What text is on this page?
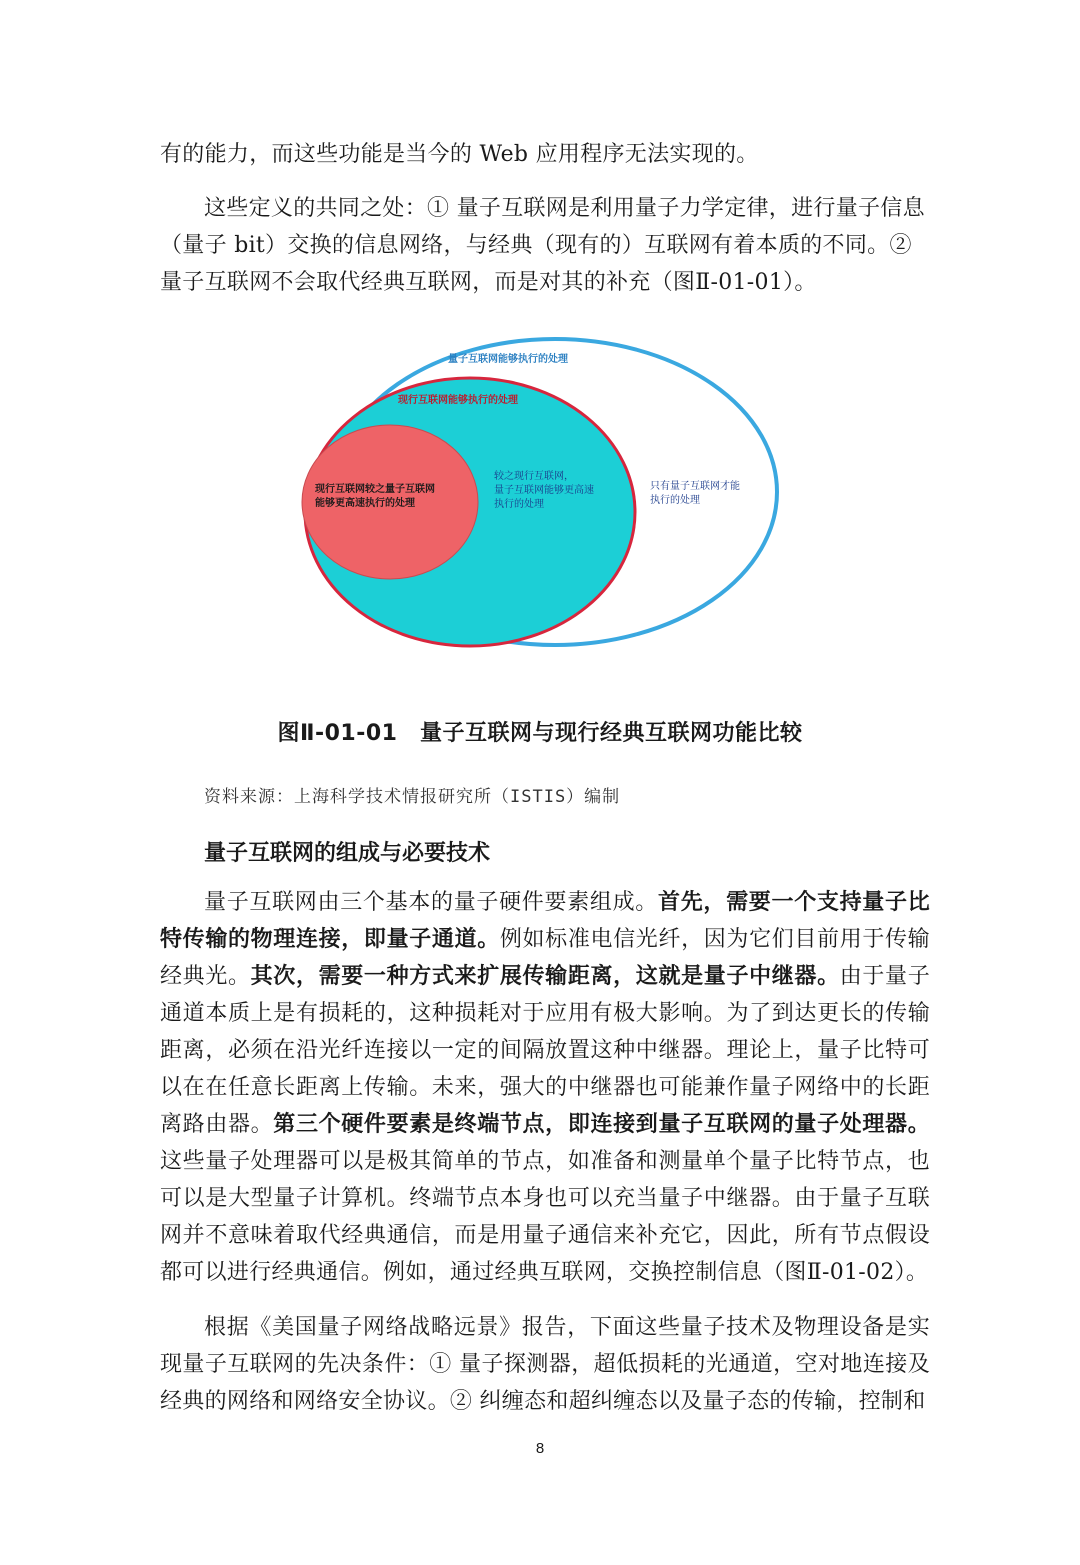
有的能力，而这些功能是当今的 Web 应用程序无法实现的。

这些定义的共同之处：① 量子互联网是利用量子力学定律，进行量子信息（量子 bit）交换的信息网络，与经典（现有的）互联网有着本质的不同。② 量子互联网不会取代经典互联网，而是对其的补充（图Ⅱ-01-01）。

量子互联网能够执行的处理
现行互联网能够执行的处理
现行互联网较之量子互联网
能够更高速执行的处理
较之现行互联网，
量子互联网能够更高速
执行的处理
只有量子互联网才能
执行的处理
图Ⅱ-01-01　量子互联网与现行经典互联网功能比较
资料来源：上海科学技术情报研究所（ISTIS）编制
量子互联网的组成与必要技术

量子互联网由三个基本的量子硬件要素组成。首先，需要一个支持量子比特传输的物理连接，即量子通道。例如标准电信光纤，因为它们目前用于传输经典光。其次，需要一种方式来扩展传输距离，这就是量子中继器。由于量子通道本质上是有损耗的，这种损耗对于应用有极大影响。为了到达更长的传输距离，必须在沿光纤连接以一定的间隔放置这种中继器。理论上，量子比特可以在在任意长距离上传输。未来，强大的中继器也可能兼作量子网络中的长距离路由器。第三个硬件要素是终端节点，即连接到量子互联网的量子处理器。这些量子处理器可以是极其简单的节点，如准备和测量单个量子比特节点，也可以是大型量子计算机。终端节点本身也可以充当量子中继器。由于量子互联网并不意味着取代经典通信，而是用量子通信来补充它，因此，所有节点假设都可以进行经典通信。例如，通过经典互联网，交换控制信息（图Ⅱ-01-02）。

根据《美国量子网络战略远景》报告，下面这些量子技术及物理设备是实现量子互联网的先决条件：① 量子探测器，超低损耗的光通道，空对地连接及经典的网络和网络安全协议。② 纠缠态和超纠缠态以及量子态的传输，控制和

8
